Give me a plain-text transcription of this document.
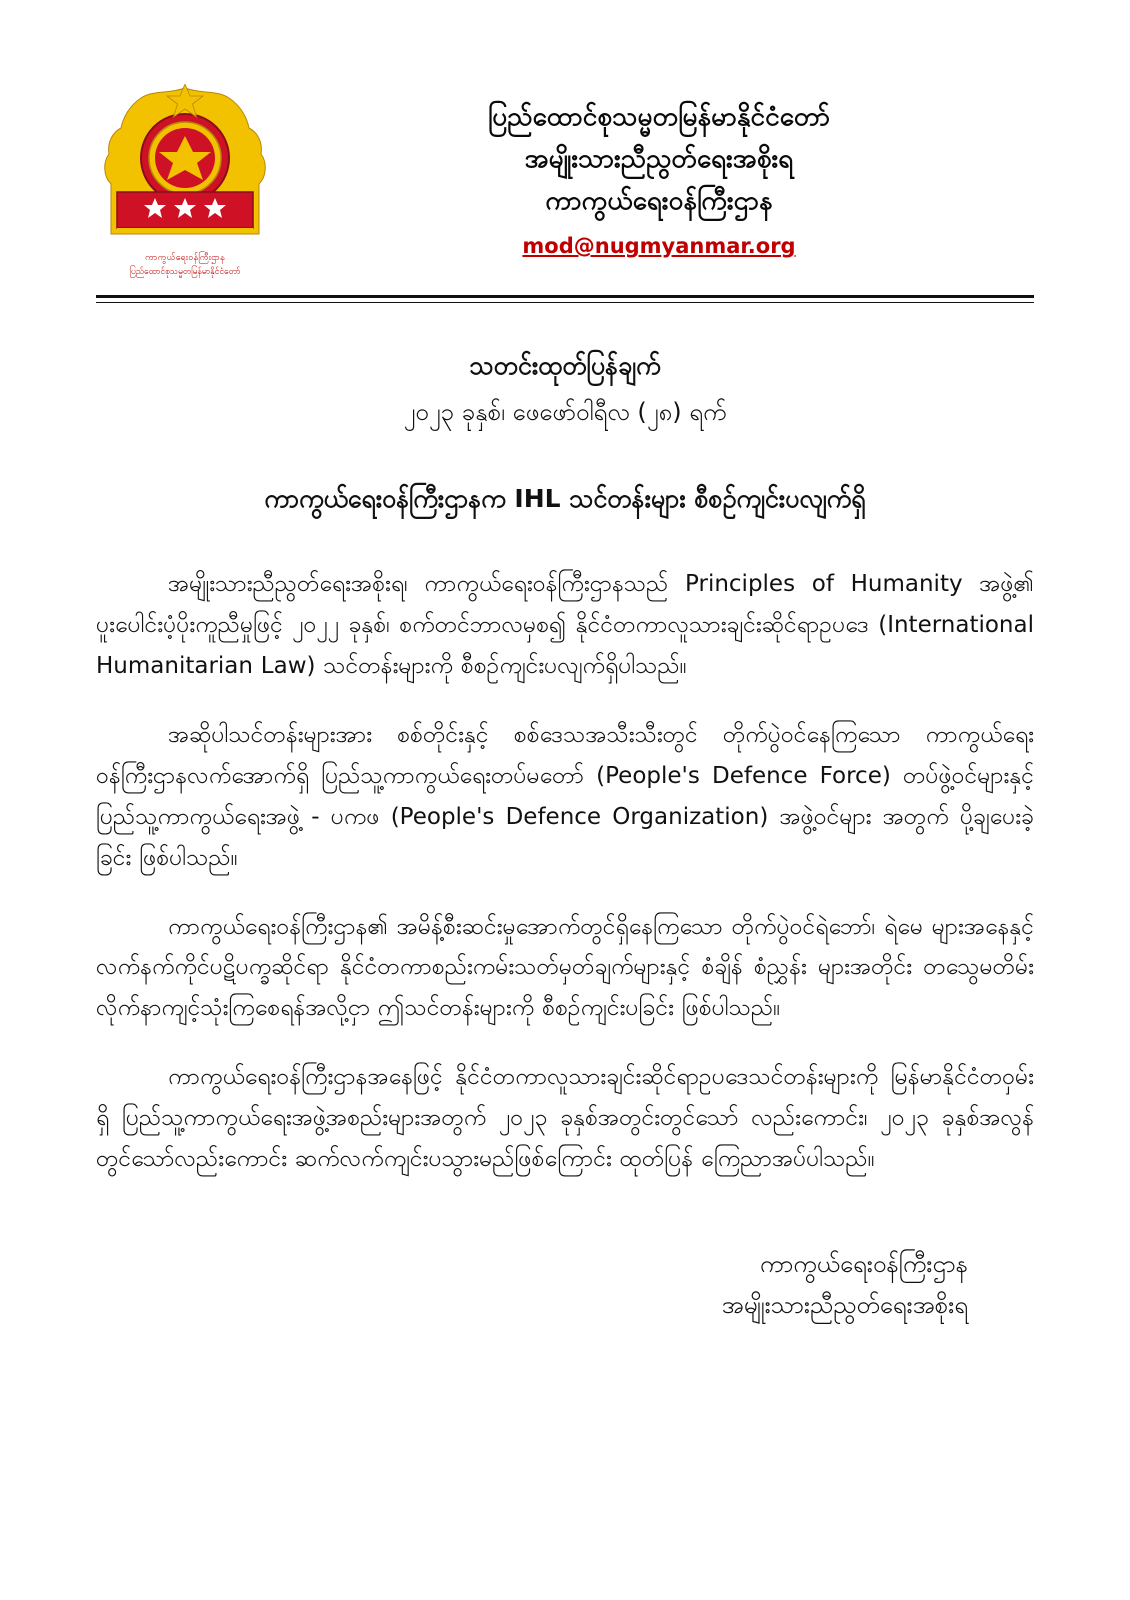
ကာကွယ်ရေးဝန်ကြီးဌာန
ပြည်ထောင်စုသမ္မတမြန်မာနိုင်ငံတော်
ပြည်ထောင်စုသမ္မတမြန်မာနိုင်ငံတော်
အမျိုးသားညီညွတ်ရေးအစိုးရ
ကာကွယ်ရေးဝန်ကြီးဌာန
mod@nugmyanmar.org
သတင်းထုတ်ပြန်ချက်
၂၀၂၃ ခုနှစ်၊ ဖေဖော်ဝါရီလ (၂၈) ရက်
ကာကွယ်ရေးဝန်ကြီးဌာနက IHL သင်တန်းများ စီစဉ်ကျင်းပလျက်ရှိ

အမျိုးသားညီညွတ်ရေးအစိုးရ၊ ကာကွယ်ရေးဝန်ကြီးဌာနသည် Principles of Humanity အဖွဲ့၏ ပူးပေါင်းပံ့ပိုးကူညီမှုဖြင့် ၂၀၂၂ ခုနှစ်၊ စက်တင်ဘာလမှစ၍ နိုင်ငံတကာလူသားချင်းဆိုင်ရာဥပဒေ (International Humanitarian Law) သင်တန်းများကို စီစဉ်ကျင်းပလျက်ရှိပါသည်။

အဆိုပါသင်တန်းများအား စစ်တိုင်းနှင့် စစ်ဒေသအသီးသီးတွင် တိုက်ပွဲဝင်နေကြသော ကာကွယ်ရေးဝန်ကြီးဌာနလက်အောက်ရှိ ပြည်သူ့ကာကွယ်ရေးတပ်မတော် (People's Defence Force) တပ်ဖွဲ့ဝင်များနှင့် ပြည်သူ့ကာကွယ်ရေးအဖွဲ့ - ပကဖ (People's Defence Organization) အဖွဲ့ဝင်များ အတွက် ပို့ချပေးခဲ့ခြင်း ဖြစ်ပါသည်။

ကာကွယ်ရေးဝန်ကြီးဌာန၏ အမိန့်စီးဆင်းမှုအောက်တွင်ရှိနေကြသော တိုက်ပွဲဝင်ရဲဘော်၊ ရဲမေ များအနေနှင့် လက်နက်ကိုင်ပဋိပက္ခဆိုင်ရာ နိုင်ငံတကာစည်းကမ်းသတ်မှတ်ချက်များနှင့် စံချိန် စံညွှန်း များအတိုင်း တသွေမတိမ်း လိုက်နာကျင့်သုံးကြစေရန်အလို့ငှာ ဤသင်တန်းများကို စီစဉ်ကျင်းပခြင်း ဖြစ်ပါသည်။

ကာကွယ်ရေးဝန်ကြီးဌာနအနေဖြင့် နိုင်ငံတကာလူသားချင်းဆိုင်ရာဥပဒေသင်တန်းများကို မြန်မာနိုင်ငံတဝှမ်းရှိ ပြည်သူ့ကာကွယ်ရေးအဖွဲ့အစည်းများအတွက် ၂၀၂၃ ခုနှစ်အတွင်းတွင်သော် လည်းကောင်း၊ ၂၀၂၃ ခုနှစ်အလွန်တွင်သော်လည်းကောင်း ဆက်လက်ကျင်းပသွားမည်ဖြစ်ကြောင်း ထုတ်ပြန် ကြေညာအပ်ပါသည်။

ကာကွယ်ရေးဝန်ကြီးဌာန
အမျိုးသားညီညွတ်ရေးအစိုးရ
